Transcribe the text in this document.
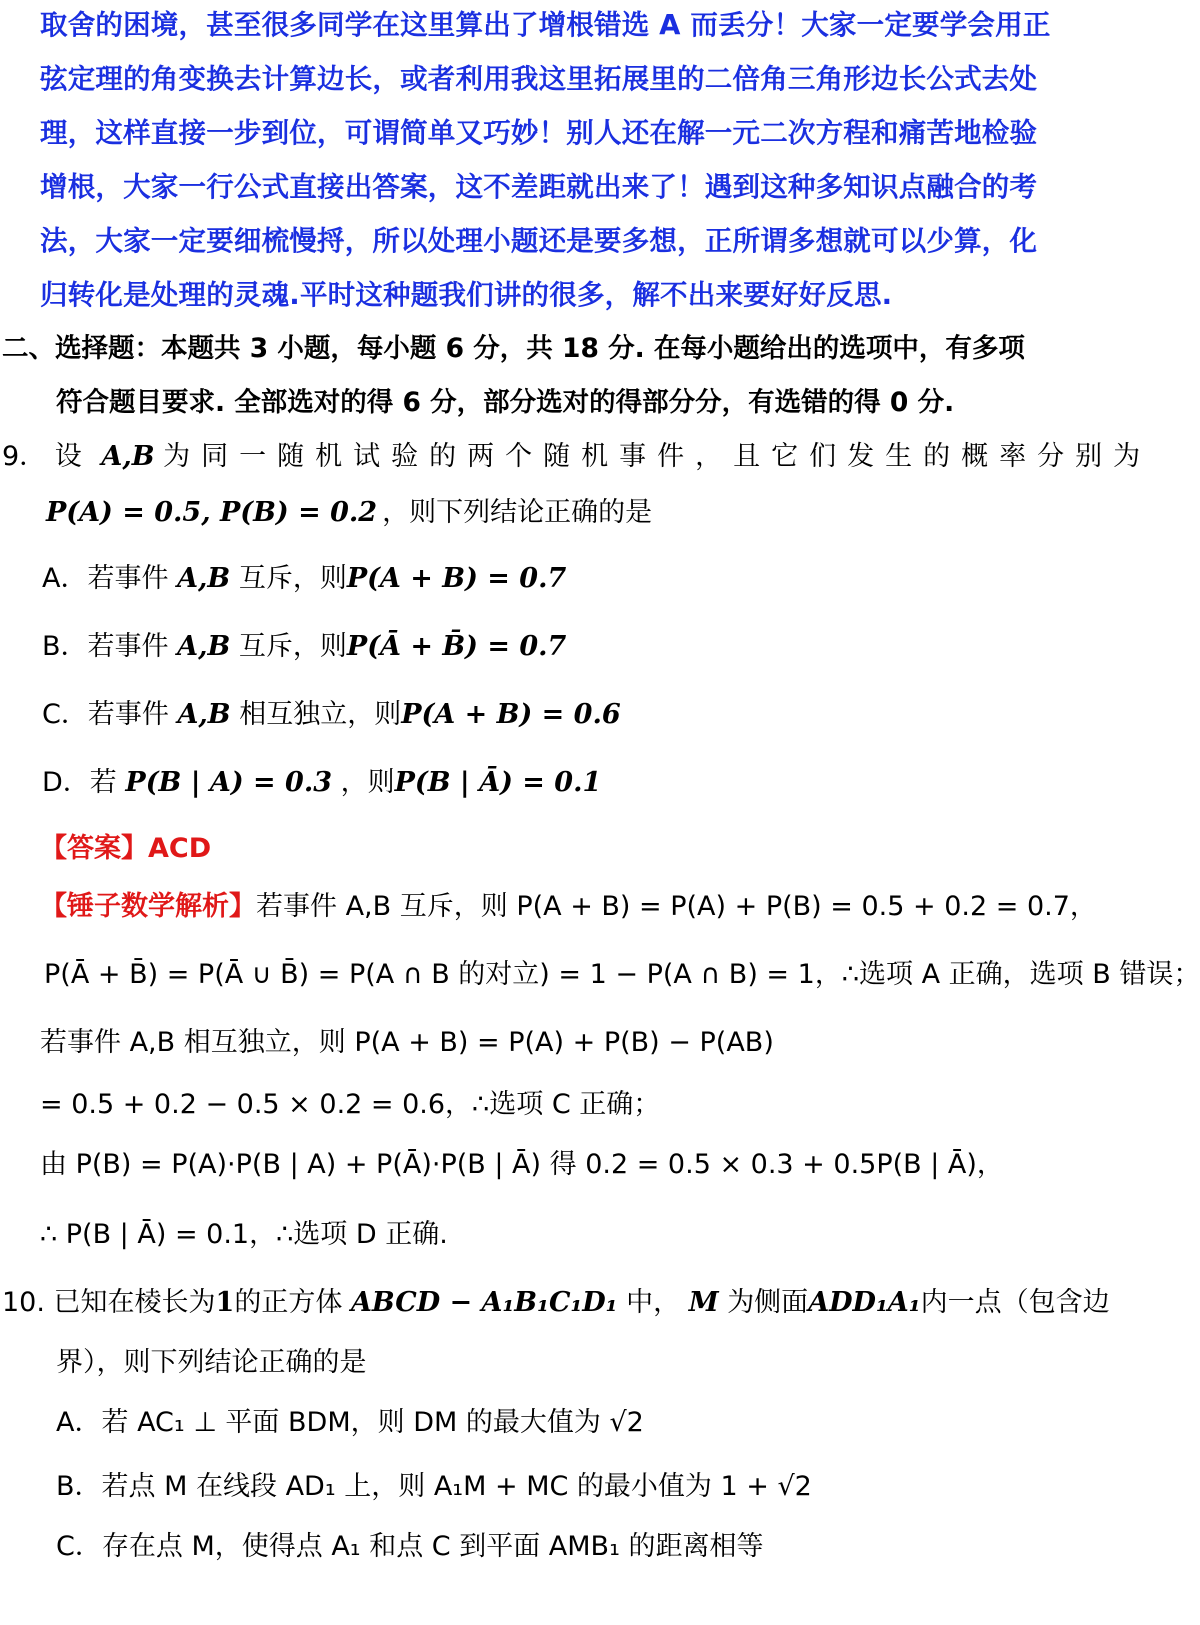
取舍的困境，甚至很多同学在这里算出了增根错选 A 而丢分！大家一定要学会用正
弦定理的角变换去计算边长，或者利用我这里拓展里的二倍角三角形边长公式去处
理，这样直接一步到位，可谓简单又巧妙！别人还在解一元二次方程和痛苦地检验
增根，大家一行公式直接出答案，这不差距就出来了！遇到这种多知识点融合的考
法，大家一定要细梳慢捋，所以处理小题还是要多想，正所谓多想就可以少算，化
归转化是处理的灵魂.平时这种题我们讲的很多，解不出来要好好反思.
二、选择题：本题共 3 小题，每小题 6 分，共 18 分. 在每小题给出的选项中，有多项
符合题目要求. 全部选对的得 6 分，部分选对的得部分分，有选错的得 0 分.
9． 设 A,B 为同一随机试验的两个随机事件，且它们发生的概率分别为
P(A) = 0.5, P(B) = 0.2 ，则下列结论正确的是
A．若事件 A,B 互斥，则P(A + B) = 0.7
B．若事件 A,B 互斥，则P(Ā + B̄) = 0.7
C．若事件 A,B 相互独立，则P(A + B) = 0.6
D．若 P(B | A) = 0.3 ，则P(B | Ā) = 0.1
【答案】ACD
【锤子数学解析】若事件 A,B 互斥，则 P(A + B) = P(A) + P(B) = 0.5 + 0.2 = 0.7，
P(Ā + B̄) = P(Ā ∪ B̄) = P(A ∩ B 的对立) = 1 − P(A ∩ B) = 1，∴选项 A 正确，选项 B 错误；
若事件 A,B 相互独立，则 P(A + B) = P(A) + P(B) − P(AB)
= 0.5 + 0.2 − 0.5 × 0.2 = 0.6，∴选项 C 正确；
由 P(B) = P(A)·P(B | A) + P(Ā)·P(B | Ā) 得 0.2 = 0.5 × 0.3 + 0.5P(B | Ā)，
∴ P(B | Ā) = 0.1，∴选项 D 正确.
10. 已知在棱长为1的正方体 ABCD − A₁B₁C₁D₁ 中， M 为侧面ADD₁A₁内一点（包含边
界），则下列结论正确的是
A．若 AC₁ ⊥ 平面 BDM，则 DM 的最大值为 √2
B．若点 M 在线段 AD₁ 上，则 A₁M + MC 的最小值为 1 + √2
C．存在点 M，使得点 A₁ 和点 C 到平面 AMB₁ 的距离相等
